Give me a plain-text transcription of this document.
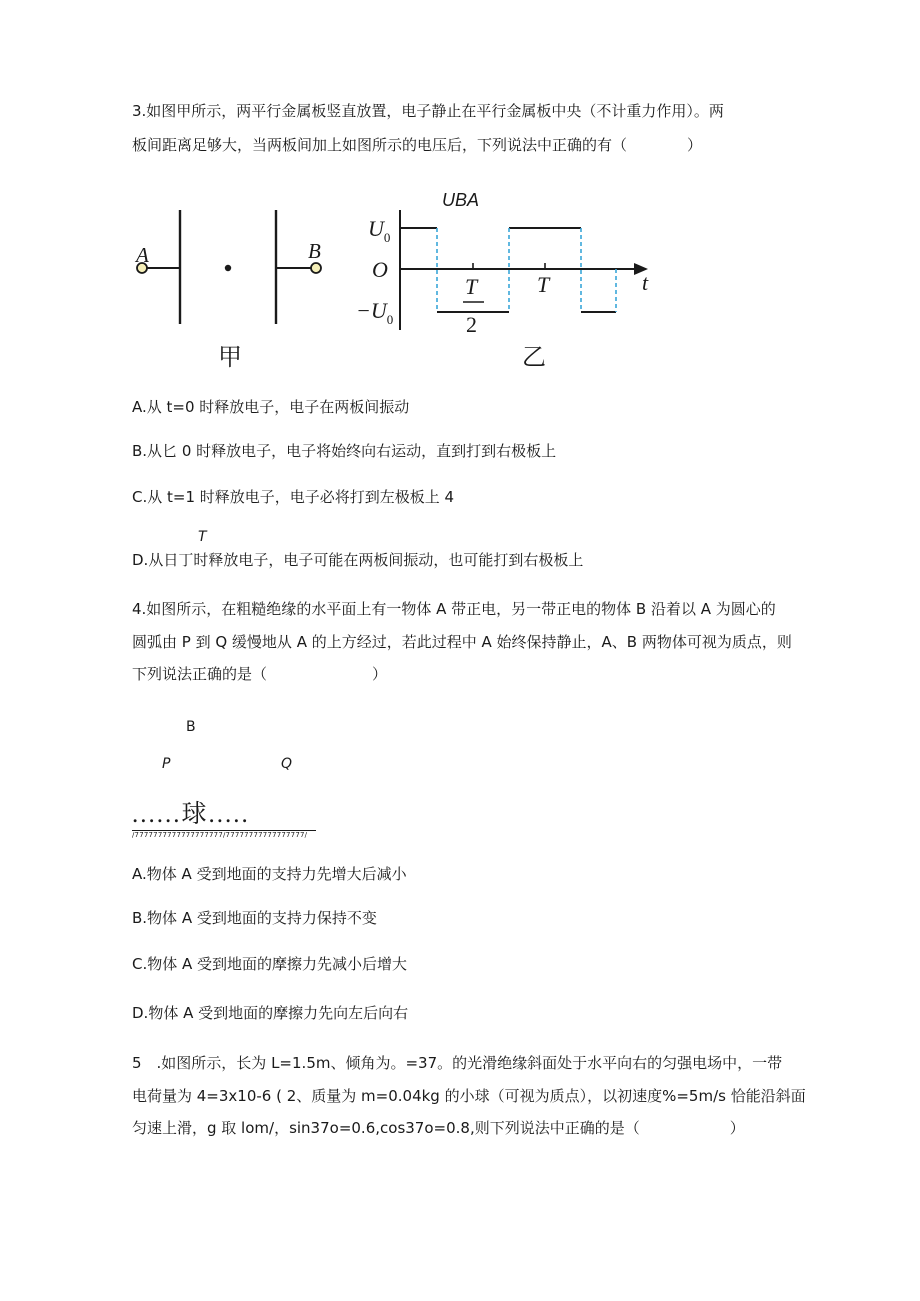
3.如图甲所示，两平行金属板竖直放置，电子静止在平行金属板中央（不计重力作用）。两
板间距离足够大，当两板间加上如图所示的电压后，下列说法中正确的有（　　　　）
A	B
甲
UBA
t
$U_0$
O
$-U_0$
T
2
T
乙
A.从 t=0 时释放电子，电子在两板间振动
B.从匕 0 时释放电子，电子将始终向右运动，直到打到右极板上
C.从 t=1 时释放电子，电子必将打到左极板上 4
T
D.从日丁时释放电子，电子可能在两板间振动，也可能打到右极板上
4.如图所示，在粗糙绝缘的水平面上有一物体 A 带正电，另一带正电的物体 B 沿着以 A 为圆心的
圆弧由 P 到 Q 缓慢地从 A 的上方经过，若此过程中 A 始终保持静止，A、B 两物体可视为质点，则
下列说法正确的是（　　　　　　　）
B
P	Q
......球.....
/7777777777777777777/77777777777777777/
A.物体 A 受到地面的支持力先增大后减小
B.物体 A 受到地面的支持力保持不变
C.物体 A 受到地面的摩擦力先减小后增大
D.物体 A 受到地面的摩擦力先向左后向右
5　.如图所示，长为 L=1.5m、倾角为。=37。的光滑绝缘斜面处于水平向右的匀强电场中，一带
电荷量为 4=3x10-6 ( 2、质量为 m=0.04kg 的小球（可视为质点），以初速度%=5m∕s 恰能沿斜面
匀速上滑，g 取 lom/，sin37o=0.6,cos37o=0.8,则下列说法中正确的是（　　　　　　）
